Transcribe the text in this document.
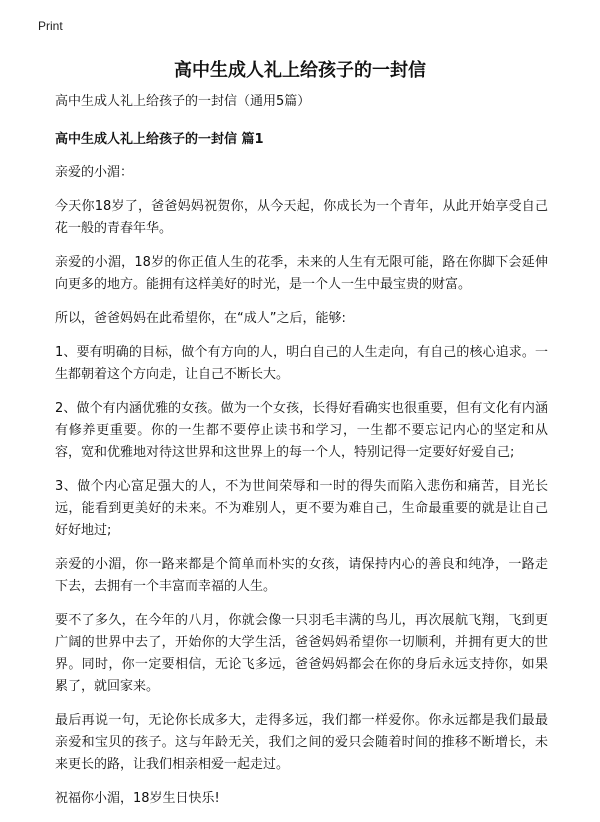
Print
高中生成人礼上给孩子的一封信

高中生成人礼上给孩子的一封信（通用5篇）

高中生成人礼上给孩子的一封信 篇1

亲爱的小湄：

今天你18岁了，爸爸妈妈祝贺你，从今天起，你成长为一个青年，从此开始享受自己花一般的青春年华。

亲爱的小湄，18岁的你正值人生的花季，未来的人生有无限可能，路在你脚下会延伸向更多的地方。能拥有这样美好的时光，是一个人一生中最宝贵的财富。

所以，爸爸妈妈在此希望你，在“成人”之后，能够:

1、要有明确的目标，做个有方向的人，明白自己的人生走向，有自己的核心追求。一生都朝着这个方向走，让自己不断长大。

2、做个有内涵优雅的女孩。做为一个女孩，长得好看确实也很重要，但有文化有内涵有修养更重要。你的一生都不要停止读书和学习，一生都不要忘记内心的坚定和从容，宽和优雅地对待这世界和这世界上的每一个人，特别记得一定要好好爱自己;

3、做个内心富足强大的人，不为世间荣辱和一时的得失而陷入悲伤和痛苦，目光长远，能看到更美好的未来。不为难别人，更不要为难自己，生命最重要的就是让自己好好地过;

亲爱的小湄，你一路来都是个简单而朴实的女孩，请保持内心的善良和纯净，一路走下去，去拥有一个丰富而幸福的人生。

要不了多久，在今年的八月，你就会像一只羽毛丰满的鸟儿，再次展航飞翔，飞到更广阔的世界中去了，开始你的大学生活，爸爸妈妈希望你一切顺利，并拥有更大的世界。同时，你一定要相信，无论飞多远，爸爸妈妈都会在你的身后永远支持你，如果累了，就回家来。

最后再说一句，无论你长成多大，走得多远，我们都一样爱你。你永远都是我们最最亲爱和宝贝的孩子。这与年龄无关，我们之间的爱只会随着时间的推移不断增长，未来更长的路，让我们相亲相爱一起走过。

祝福你小湄，18岁生日快乐!
